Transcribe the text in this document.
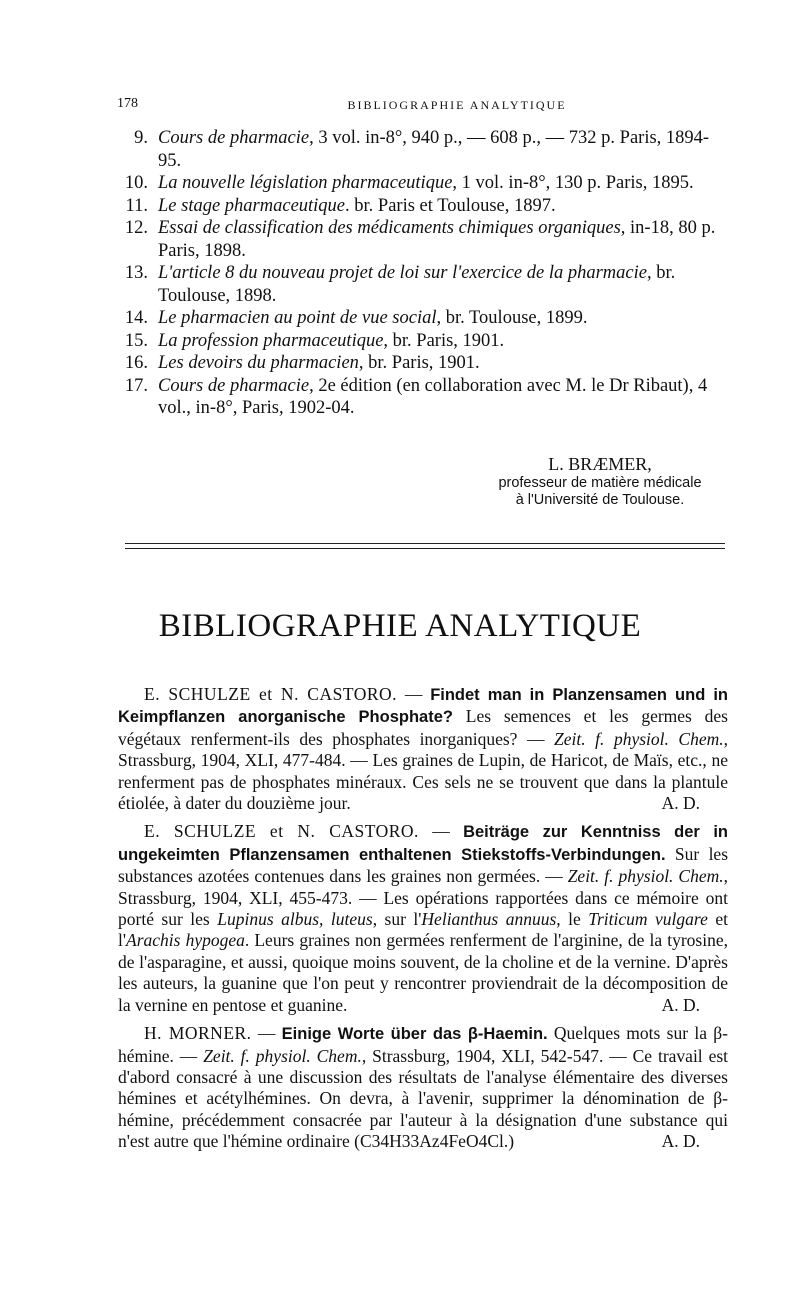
178	BIBLIOGRAPHIE ANALYTIQUE
9. Cours de pharmacie, 3 vol. in-8°, 940 p., — 608 p., — 732 p. Paris, 1894-95.
10. La nouvelle législation pharmaceutique, 1 vol. in-8°, 130 p. Paris, 1895.
11. Le stage pharmaceutique. br. Paris et Toulouse, 1897.
12. Essai de classification des médicaments chimiques organiques, in-18, 80 p. Paris, 1898.
13. L'article 8 du nouveau projet de loi sur l'exercice de la pharmacie, br. Toulouse, 1898.
14. Le pharmacien au point de vue social, br. Toulouse, 1899.
15. La profession pharmaceutique, br. Paris, 1901.
16. Les devoirs du pharmacien, br. Paris, 1901.
17. Cours de pharmacie, 2e édition (en collaboration avec M. le Dr Ribaut), 4 vol., in-8°, Paris, 1902-04.
L. BRÆMER,
professeur de matière médicale
à l'Université de Toulouse.
BIBLIOGRAPHIE ANALYTIQUE
E. SCHULZE et N. CASTORO. — Findet man in Planzensamen und in Keimpflanzen anorganische Phosphate? Les semences et les germes des végétaux renferment-ils des phosphates inorganiques? — Zeit. f. physiol. Chem., Strassburg, 1904, XLI, 477-484. — Les graines de Lupin, de Haricot, de Maïs, etc., ne renferment pas de phosphates minéraux. Ces sels ne se trouvent que dans la plantule étiolée, à dater du douzième jour.	A. D.
E. SCHULZE et N. CASTORO. — Beiträge zur Kenntniss der in ungekeimten Pflanzensamen enthaltenen Stiekstoffs-Verbindungen. Sur les substances azotées contenues dans les graines non germées. — Zeit. f. physiol. Chem., Strassburg, 1904, XLI, 455-473. — Les opérations rapportées dans ce mémoire ont porté sur les Lupinus albus, luteus, sur l'Helianthus annuus, le Triticum vulgare et l'Arachis hypogea. Leurs graines non germées renferment de l'arginine, de la tyrosine, de l'asparagine, et aussi, quoique moins souvent, de la choline et de la vernine. D'après les auteurs, la guanine que l'on peut y rencontrer proviendrait de la décomposition de la vernine en pentose et guanine.	A. D.
H. MORNER. — Einige Worte über das β-Haemin. Quelques mots sur la β-hémine. — Zeit. f. physiol. Chem., Strassburg, 1904, XLI, 542-547. — Ce travail est d'abord consacré à une discussion des résultats de l'analyse élémentaire des diverses hémines et acétylhémines. On devra, à l'avenir, supprimer la dénomination de β-hémine, précédemment consacrée par l'auteur à la désignation d'une substance qui n'est autre que l'hémine ordinaire (C34H33Az4FeO4Cl.)	A. D.
